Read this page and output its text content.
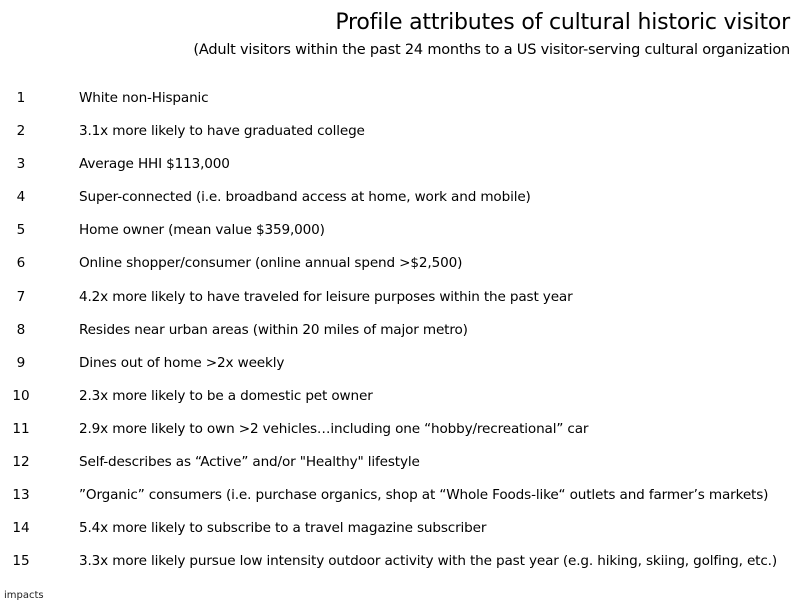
Profile attributes of cultural historic visitor
(Adult visitors within the past 24 months to a US visitor-serving cultural organization
1	White non-Hispanic
2	3.1x more likely to have graduated college
3	Average HHI $113,000
4	Super-connected (i.e. broadband access at home, work and mobile)
5	Home owner (mean value $359,000)
6	Online shopper/consumer (online annual spend >$2,500)
7	4.2x more likely to have traveled for leisure purposes within the past year
8	Resides near urban areas (within 20 miles of major metro)
9	Dines out of home >2x weekly
10	2.3x more likely to be a domestic pet owner
11	2.9x more likely to own >2 vehicles…including one “hobby/recreational” car
12	Self-describes as “Active” and/or "Healthy" lifestyle
13	”Organic” consumers (i.e. purchase organics, shop at “Whole Foods-like“ outlets and farmer’s markets)
14	5.4x more likely to subscribe to a travel magazine subscriber
15	3.3x more likely pursue low intensity outdoor activity with the past year (e.g. hiking, skiing, golfing, etc.)
impacts
